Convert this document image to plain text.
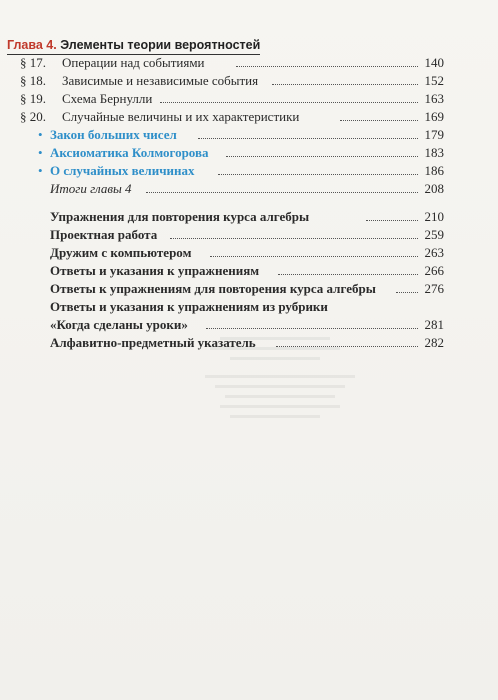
Глава 4. Элементы теории вероятностей
§ 17. Операции над событиями	140
§ 18. Зависимые и независимые события	152
§ 19. Схема Бернулли	163
§ 20. Случайные величины и их характеристики	169
• Закон больших чисел	179
• Аксиоматика Колмогорова	183
• О случайных величинах	186
Итоги главы 4	208
Упражнения для повторения курса алгебры	210
Проектная работа	259
Дружим с компьютером	263
Ответы и указания к упражнениям	266
Ответы к упражнениям для повторения курса алгебры	276
Ответы и указания к упражнениям из рубрики
«Когда сделаны уроки»	281
Алфавитно-предметный указатель	282
